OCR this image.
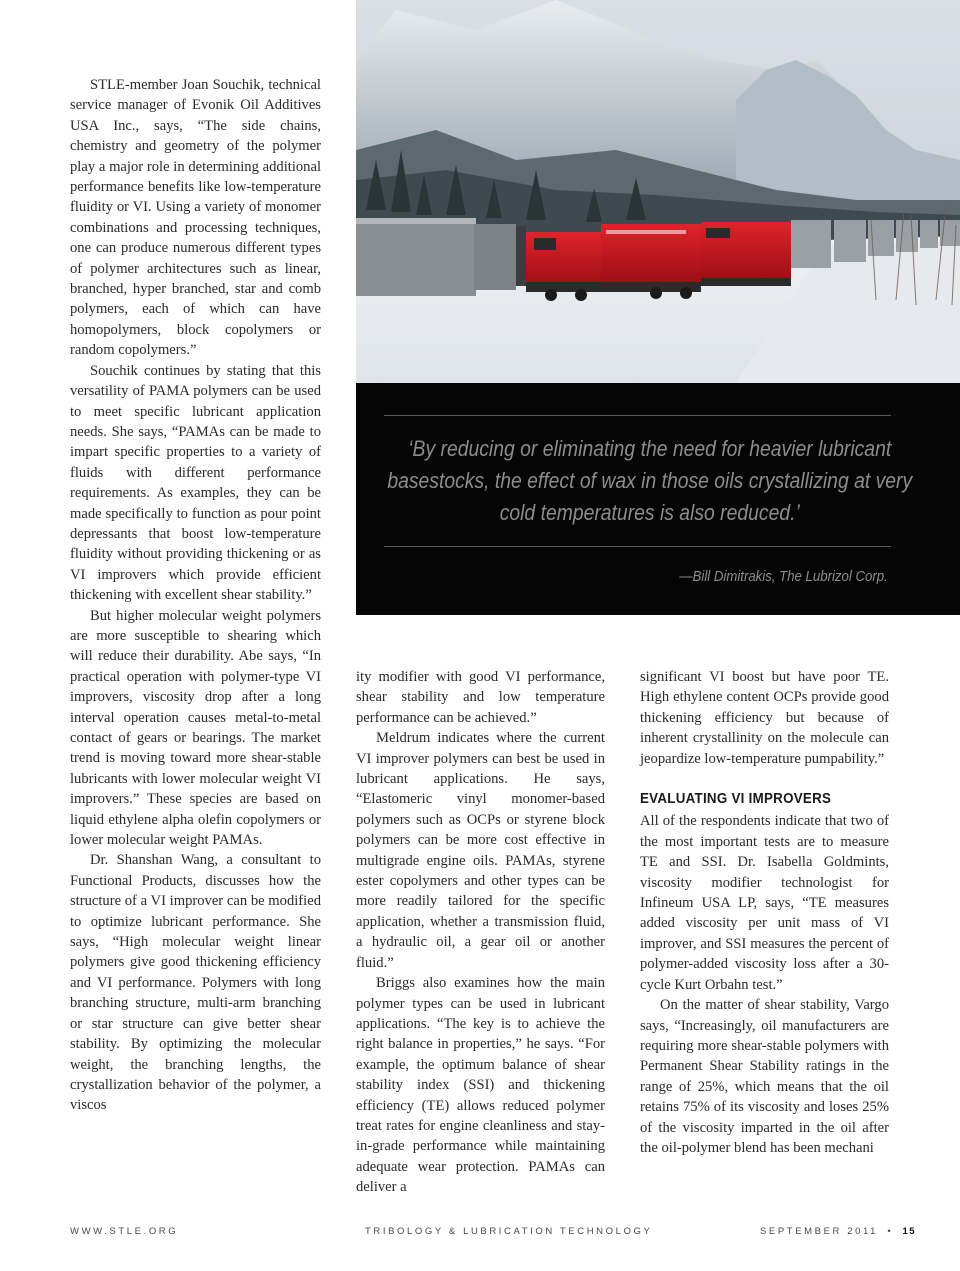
STLE-member Joan Souchik, technical service manager of Evonik Oil Additives USA Inc., says, “The side chains, chemistry and geometry of the polymer play a major role in determining additional performance benefits like low-temperature fluidity or VI. Using a variety of monomer combinations and processing techniques, one can produce numerous different types of polymer architectures such as linear, branched, hyper branched, star and comb polymers, each of which can have homopolymers, block copolymers or random copolymers.”

Souchik continues by stating that this versatility of PAMA polymers can be used to meet specific lubricant application needs. She says, “PAMAs can be made to impart specific properties to a variety of fluids with different performance requirements. As examples, they can be made specifically to function as pour point depressants that boost low-temperature fluidity without providing thickening or as VI improvers which provide efficient thickening with excellent shear stability.”

But higher molecular weight polymers are more susceptible to shearing which will reduce their durability. Abe says, “In practical operation with polymer-type VI improvers, viscosity drop after a long interval operation causes metal-to-metal contact of gears or bearings. The market trend is moving toward more shear-stable lubricants with lower molecular weight VI improvers.” These species are based on liquid ethylene alpha olefin copolymers or lower molecular weight PAMAs.

Dr. Shanshan Wang, a consultant to Functional Products, discusses how the structure of a VI improver can be modified to optimize lubricant performance. She says, “High molecular weight linear polymers give good thickening efficiency and VI performance. Polymers with long branching structure, multi-arm branching or star structure can give better shear stability. By optimizing the molecular weight, the branching lengths, the crystallization behavior of the polymer, a viscos

‘By reducing or eliminating the need for heavier lubricant basestocks, the effect of wax in those oils crystallizing at very cold temperatures is also reduced.’
—Bill Dimitrakis, The Lubrizol Corp.

ity modifier with good VI performance, shear stability and low temperature performance can be achieved.”

Meldrum indicates where the current VI improver polymers can best be used in lubricant applications. He says, “Elastomeric vinyl monomer-based polymers such as OCPs or styrene block polymers can be more cost effective in multigrade engine oils. PAMAs, styrene ester copolymers and other types can be more readily tailored for the specific application, whether a transmission fluid, a hydraulic oil, a gear oil or another fluid.”

Briggs also examines how the main polymer types can be used in lubricant applications. “The key is to achieve the right balance in properties,” he says. “For example, the optimum balance of shear stability index (SSI) and thickening efficiency (TE) allows reduced polymer treat rates for engine cleanliness and stay-in-grade performance while maintaining adequate wear protection. PAMAs can deliver a

significant VI boost but have poor TE. High ethylene content OCPs provide good thickening efficiency but because of inherent crystallinity on the molecule can jeopardize low-temperature pumpability.”

EVALUATING VI IMPROVERS

All of the respondents indicate that two of the most important tests are to measure TE and SSI. Dr. Isabella Goldmints, viscosity modifier technologist for Infineum USA LP, says, “TE measures added viscosity per unit mass of VI improver, and SSI measures the percent of polymer-added viscosity loss after a 30-cycle Kurt Orbahn test.”

On the matter of shear stability, Vargo says, “Increasingly, oil manufacturers are requiring more shear-stable polymers with Permanent Shear Stability ratings in the range of 25%, which means that the oil retains 75% of its viscosity and loses 25% of the viscosity imparted in the oil after the oil-polymer blend has been mechani

WWW.STLE.ORG	TRIBOLOGY & LUBRICATION TECHNOLOGY	SEPTEMBER 2011 • 15
